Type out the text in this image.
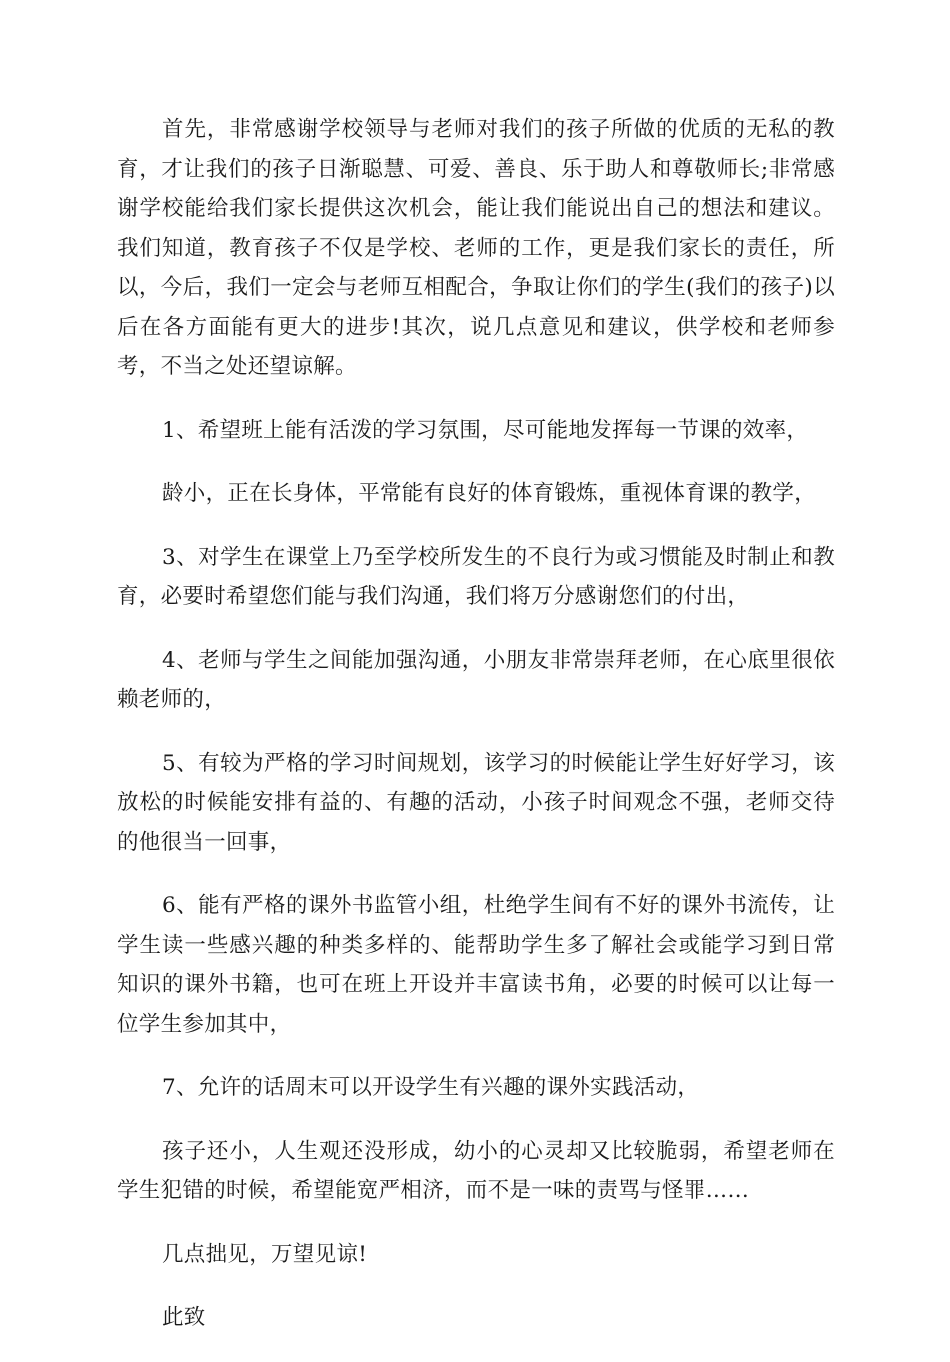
首先，非常感谢学校领导与老师对我们的孩子所做的优质的无私的教育，才让我们的孩子日渐聪慧、可爱、善良、乐于助人和尊敬师长;非常感谢学校能给我们家长提供这次机会，能让我们能说出自己的想法和建议。我们知道，教育孩子不仅是学校、老师的工作，更是我们家长的责任，所以，今后，我们一定会与老师互相配合，争取让你们的学生(我们的孩子)以后在各方面能有更大的进步!其次，说几点意见和建议，供学校和老师参考，不当之处还望谅解。

1、希望班上能有活泼的学习氛围，尽可能地发挥每一节课的效率，

龄小，正在长身体，平常能有良好的体育锻炼，重视体育课的教学，

3、对学生在课堂上乃至学校所发生的不良行为或习惯能及时制止和教育，必要时希望您们能与我们沟通，我们将万分感谢您们的付出，

4、老师与学生之间能加强沟通，小朋友非常崇拜老师，在心底里很依赖老师的，

5、有较为严格的学习时间规划，该学习的时候能让学生好好学习，该放松的时候能安排有益的、有趣的活动，小孩子时间观念不强，老师交待的他很当一回事，

6、能有严格的课外书监管小组，杜绝学生间有不好的课外书流传，让学生读一些感兴趣的种类多样的、能帮助学生多了解社会或能学习到日常知识的课外书籍，也可在班上开设并丰富读书角，必要的时候可以让每一位学生参加其中，

7、允许的话周末可以开设学生有兴趣的课外实践活动，

孩子还小，人生观还没形成，幼小的心灵却又比较脆弱，希望老师在学生犯错的时候，希望能宽严相济，而不是一味的责骂与怪罪……

几点拙见，万望见谅!

此致
